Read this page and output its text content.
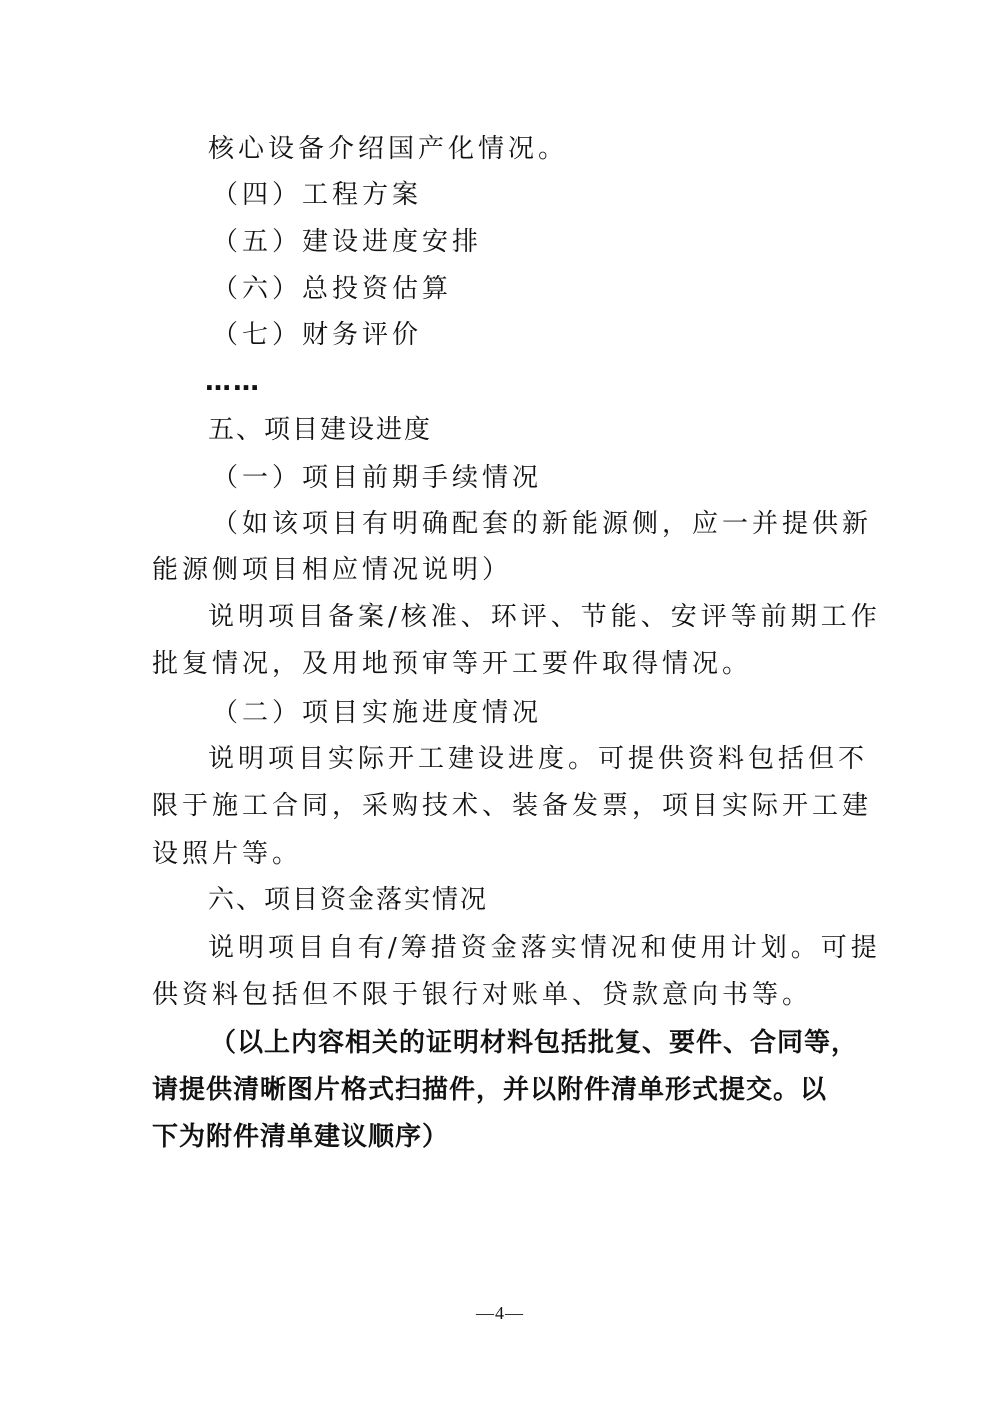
核心设备介绍国产化情况。
（四）工程方案
（五）建设进度安排
（六）总投资估算
（七）财务评价
……
五、项目建设进度
（一）项目前期手续情况
（如该项目有明确配套的新能源侧，应一并提供新
能源侧项目相应情况说明）
说明项目备案/核准、环评、节能、安评等前期工作
批复情况，及用地预审等开工要件取得情况。
（二）项目实施进度情况
说明项目实际开工建设进度。可提供资料包括但不
限于施工合同，采购技术、装备发票，项目实际开工建
设照片等。
六、项目资金落实情况
说明项目自有/筹措资金落实情况和使用计划。可提
供资料包括但不限于银行对账单、贷款意向书等。
（以上内容相关的证明材料包括批复、要件、合同等，
请提供清晰图片格式扫描件，并以附件清单形式提交。以
下为附件清单建议顺序）
—4—
